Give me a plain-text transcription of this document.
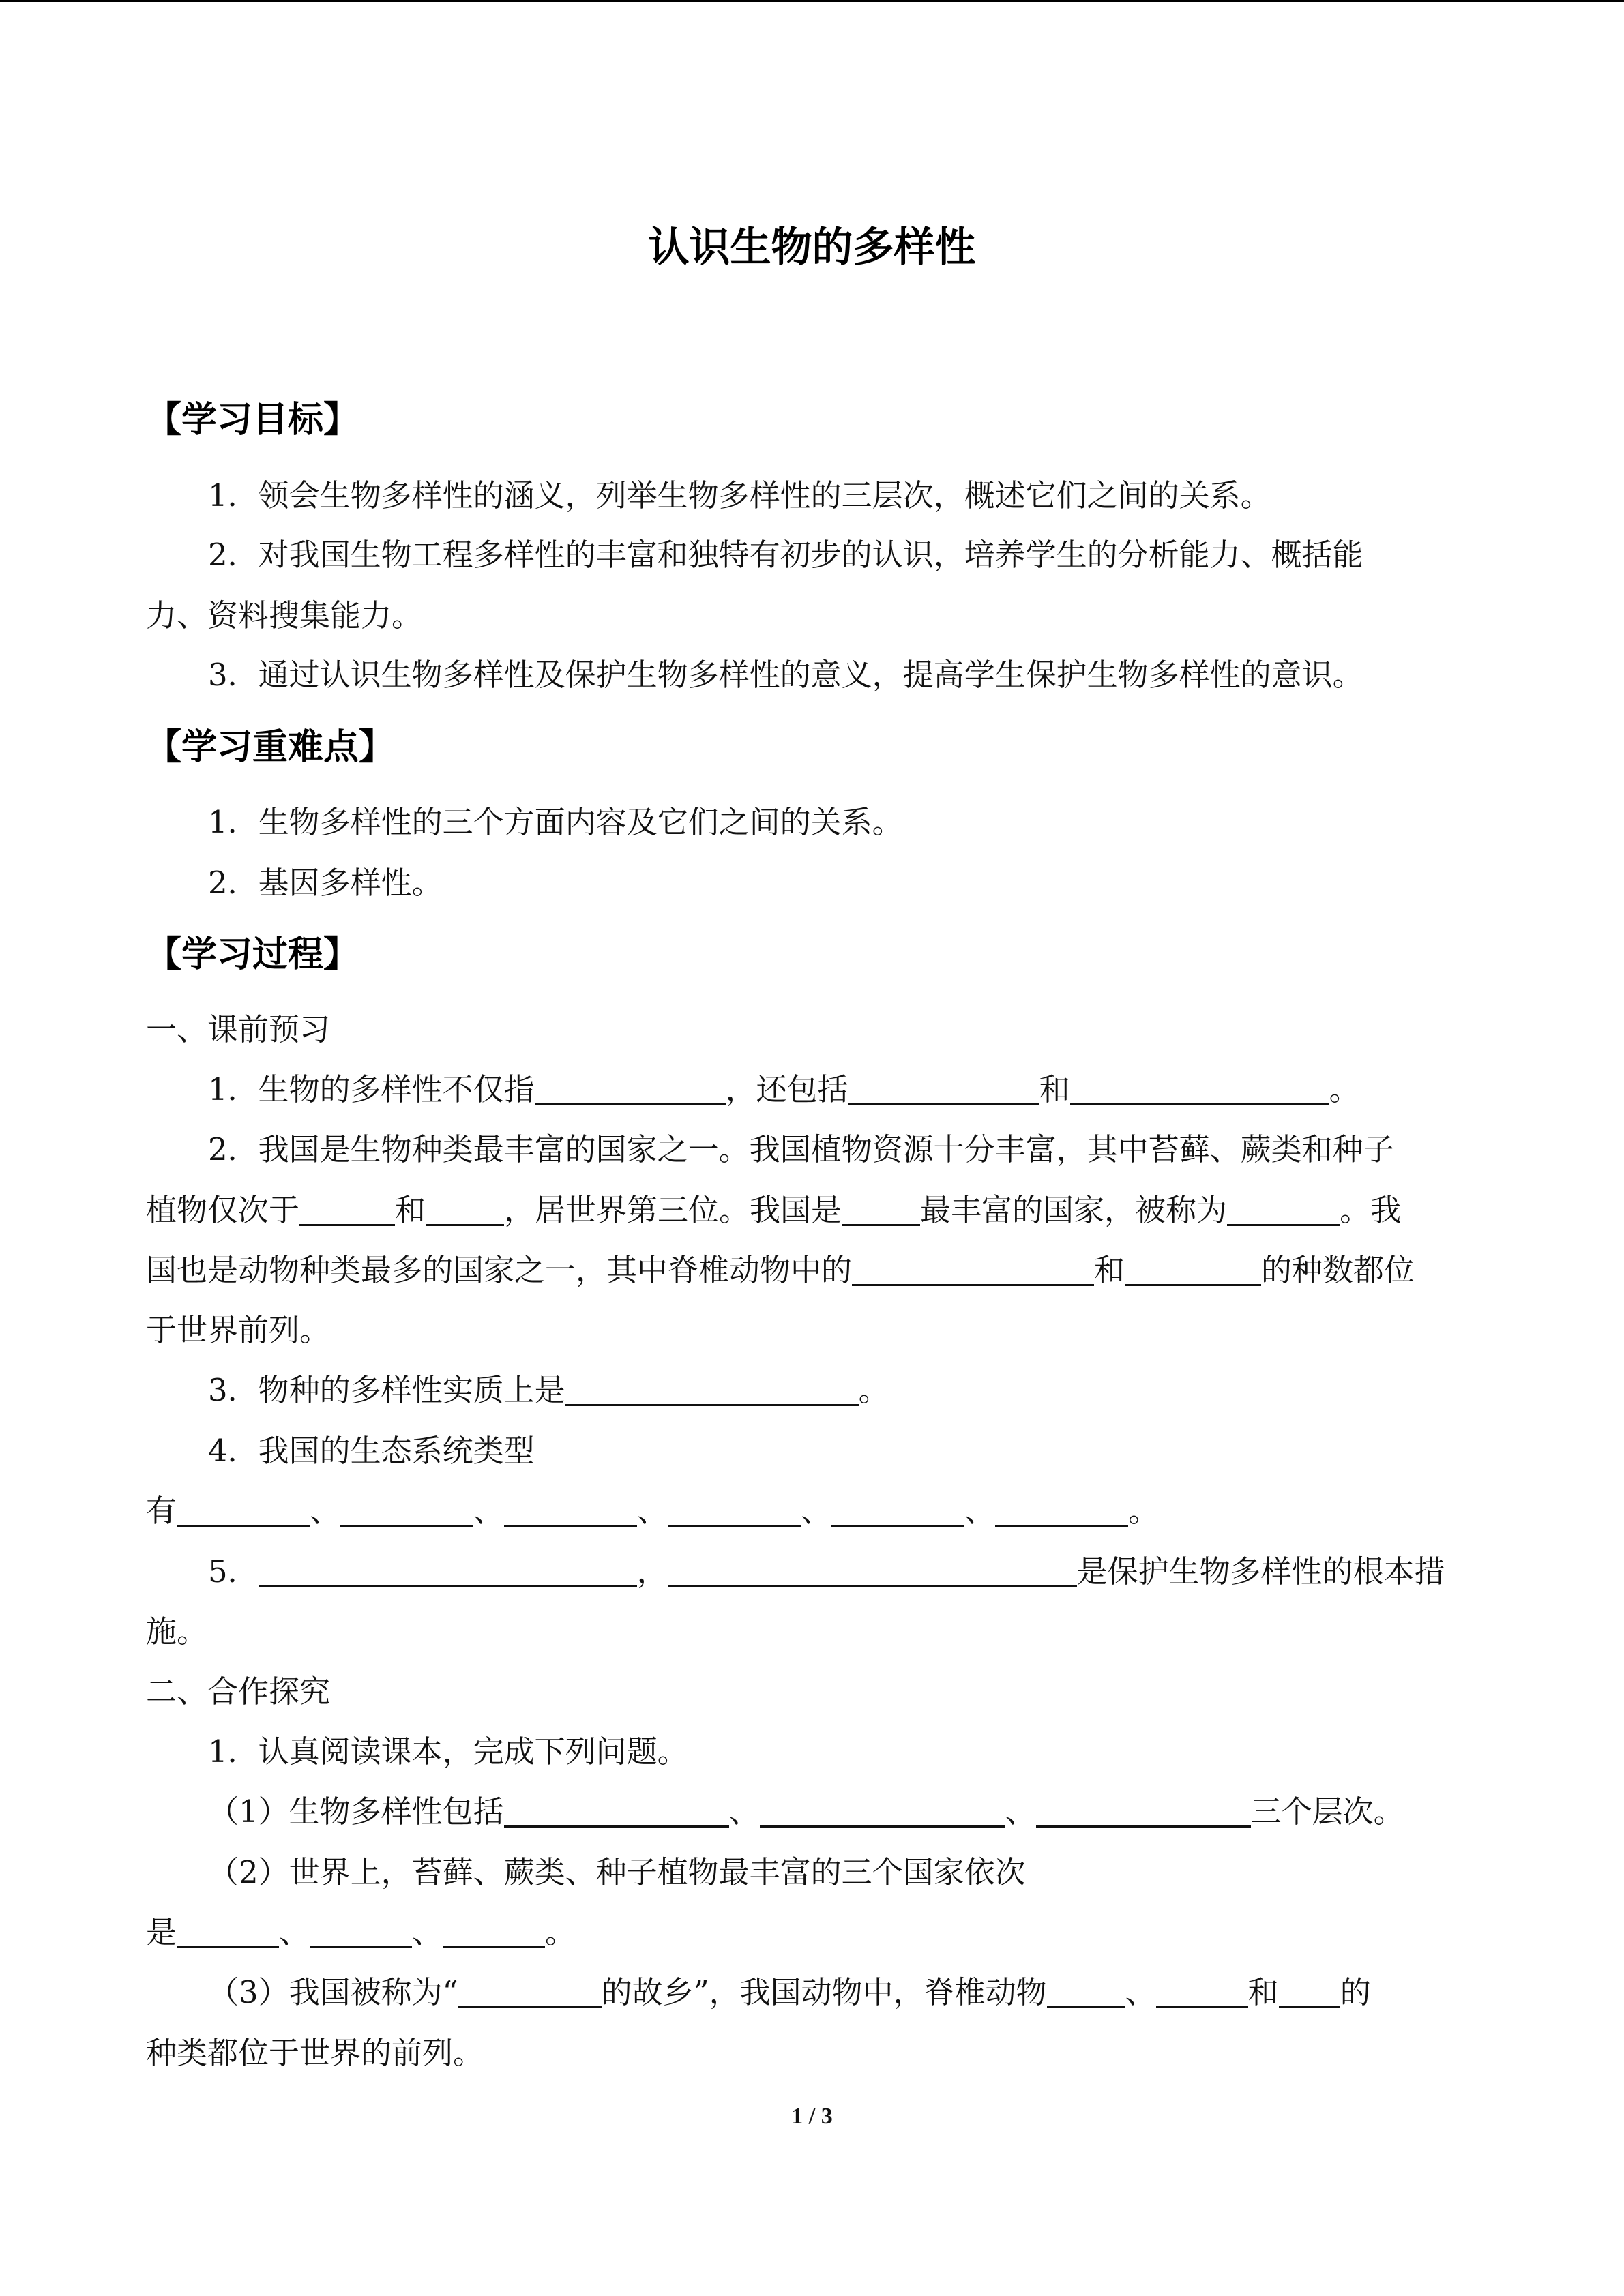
认识生物的多样性
【学习目标】
1．领会生物多样性的涵义，列举生物多样性的三层次，概述它们之间的关系。
2．对我国生物工程多样性的丰富和独特有初步的认识，培养学生的分析能力、概括能
力、资料搜集能力。
3．通过认识生物多样性及保护生物多样性的意义，提高学生保护生物多样性的意识。
【学习重难点】
1．生物多样性的三个方面内容及它们之间的关系。
2．基因多样性。
【学习过程】
一、课前预习
1．生物的多样性不仅指	，还包括	和	。
2．我国是生物种类最丰富的国家之一。我国植物资源十分丰富，其中苔藓、蕨类和种子
植物仅次于	和	，居世界第三位。我国是	最丰富的国家，被称为	。我
国也是动物种类最多的国家之一，其中脊椎动物中的	和	的种数都位
于世界前列。
3．物种的多样性实质上是	。
4．我国的生态系统类型
有	、	、	、	、	、	。
5．	，	是保护生物多样性的根本措
施。
二、合作探究
1．认真阅读课本，完成下列问题。
（1）生物多样性包括	、	、	三个层次。
（2）世界上，苔藓、蕨类、种子植物最丰富的三个国家依次
是	、	、	。
（3）我国被称为“	的故乡”，我国动物中，脊椎动物	、	和 的
种类都位于世界的前列。
1 / 3
